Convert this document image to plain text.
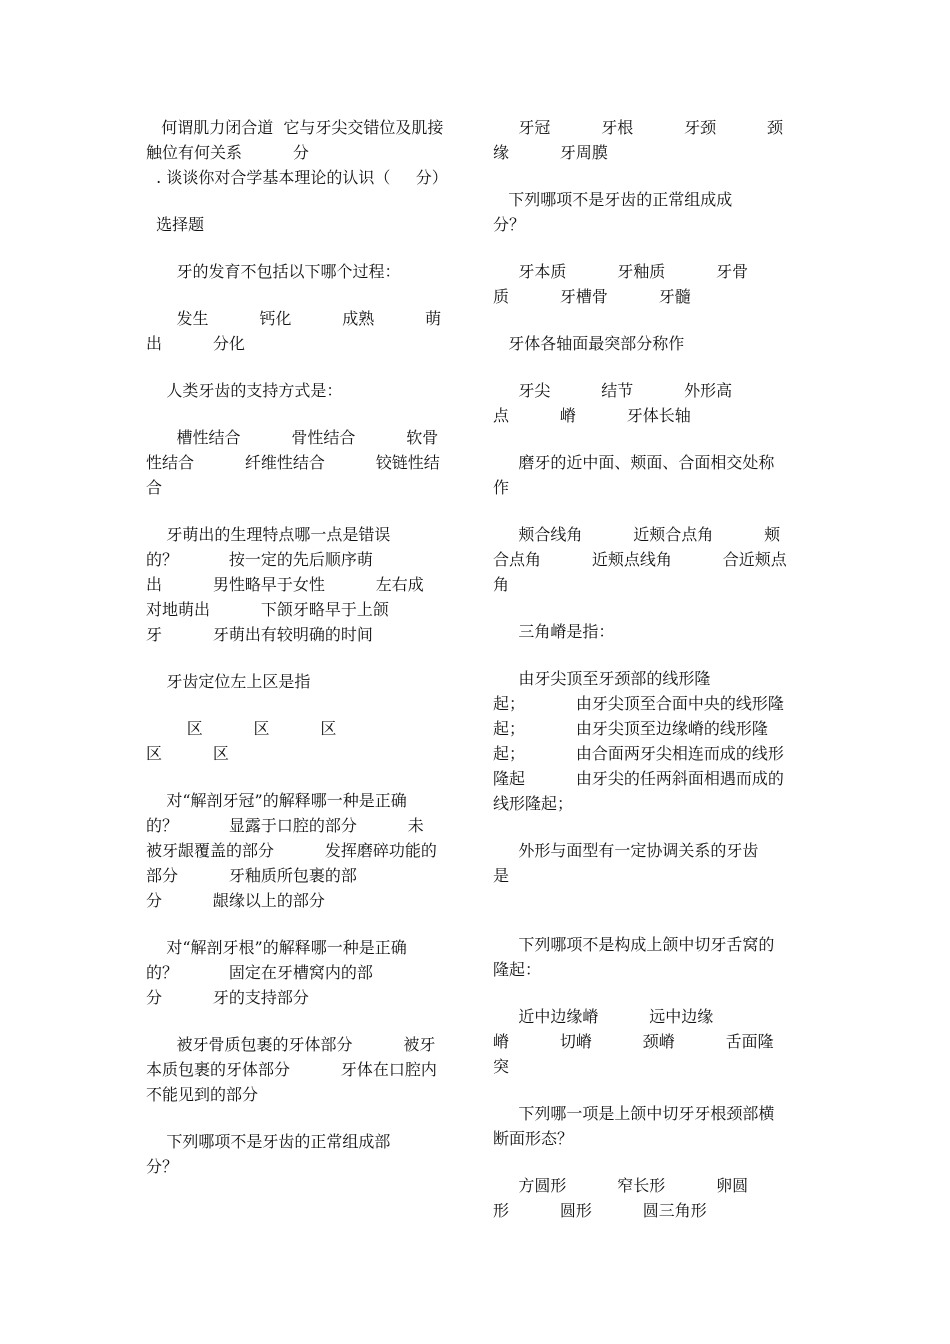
何谓肌力闭合道  它与牙尖交错位及肌接
触位有何关系          分
. 谈谈你对合学基本理论的认识（     分）
选择题
牙的发育不包括以下哪个过程：
发生          钙化          成熟          萌
出          分化
人类牙齿的支持方式是：
槽性结合          骨性结合          软骨
性结合          纤维性结合          铰链性结
合
牙萌出的生理特点哪一点是错误
的？          按一定的先后顺序萌
出          男性略早于女性          左右成
对地萌出          下颌牙略早于上颌
牙          牙萌出有较明确的时间
牙齿定位左上区是指
区          区          区
区          区
对“解剖牙冠”的解释哪一种是正确
的？          显露于口腔的部分          未
被牙龈覆盖的部分          发挥磨碎功能的
部分          牙釉质所包裹的部
分          龈缘以上的部分
对“解剖牙根”的解释哪一种是正确
的？          固定在牙槽窝内的部
分          牙的支持部分
被牙骨质包裹的牙体部分          被牙
本质包裹的牙体部分          牙体在口腔内
不能见到的部分
下列哪项不是牙齿的正常组成部
分？
牙冠          牙根          牙颈          颈
缘          牙周膜
下列哪项不是牙齿的正常组成成
分？
牙本质          牙釉质          牙骨
质          牙槽骨          牙髓
牙体各轴面最突部分称作
牙尖          结节          外形高
点          嵴          牙体长轴
磨牙的近中面、颊面、合面相交处称
作
颊合线角          近颊合点角          颊
合点角          近颊点线角          合近颊点
角
三角嵴是指：
由牙尖顶至牙颈部的线形隆
起；          由牙尖顶至合面中央的线形隆
起；          由牙尖顶至边缘嵴的线形隆
起；          由合面两牙尖相连而成的线形
隆起          由牙尖的任两斜面相遇而成的
线形隆起；
外形与面型有一定协调关系的牙齿
是
下列哪项不是构成上颌中切牙舌窝的
隆起：
近中边缘嵴          远中边缘
嵴          切嵴          颈嵴          舌面隆
突
下列哪一项是上颌中切牙牙根颈部横
断面形态？
方圆形          窄长形          卵圆
形          圆形          圆三角形
